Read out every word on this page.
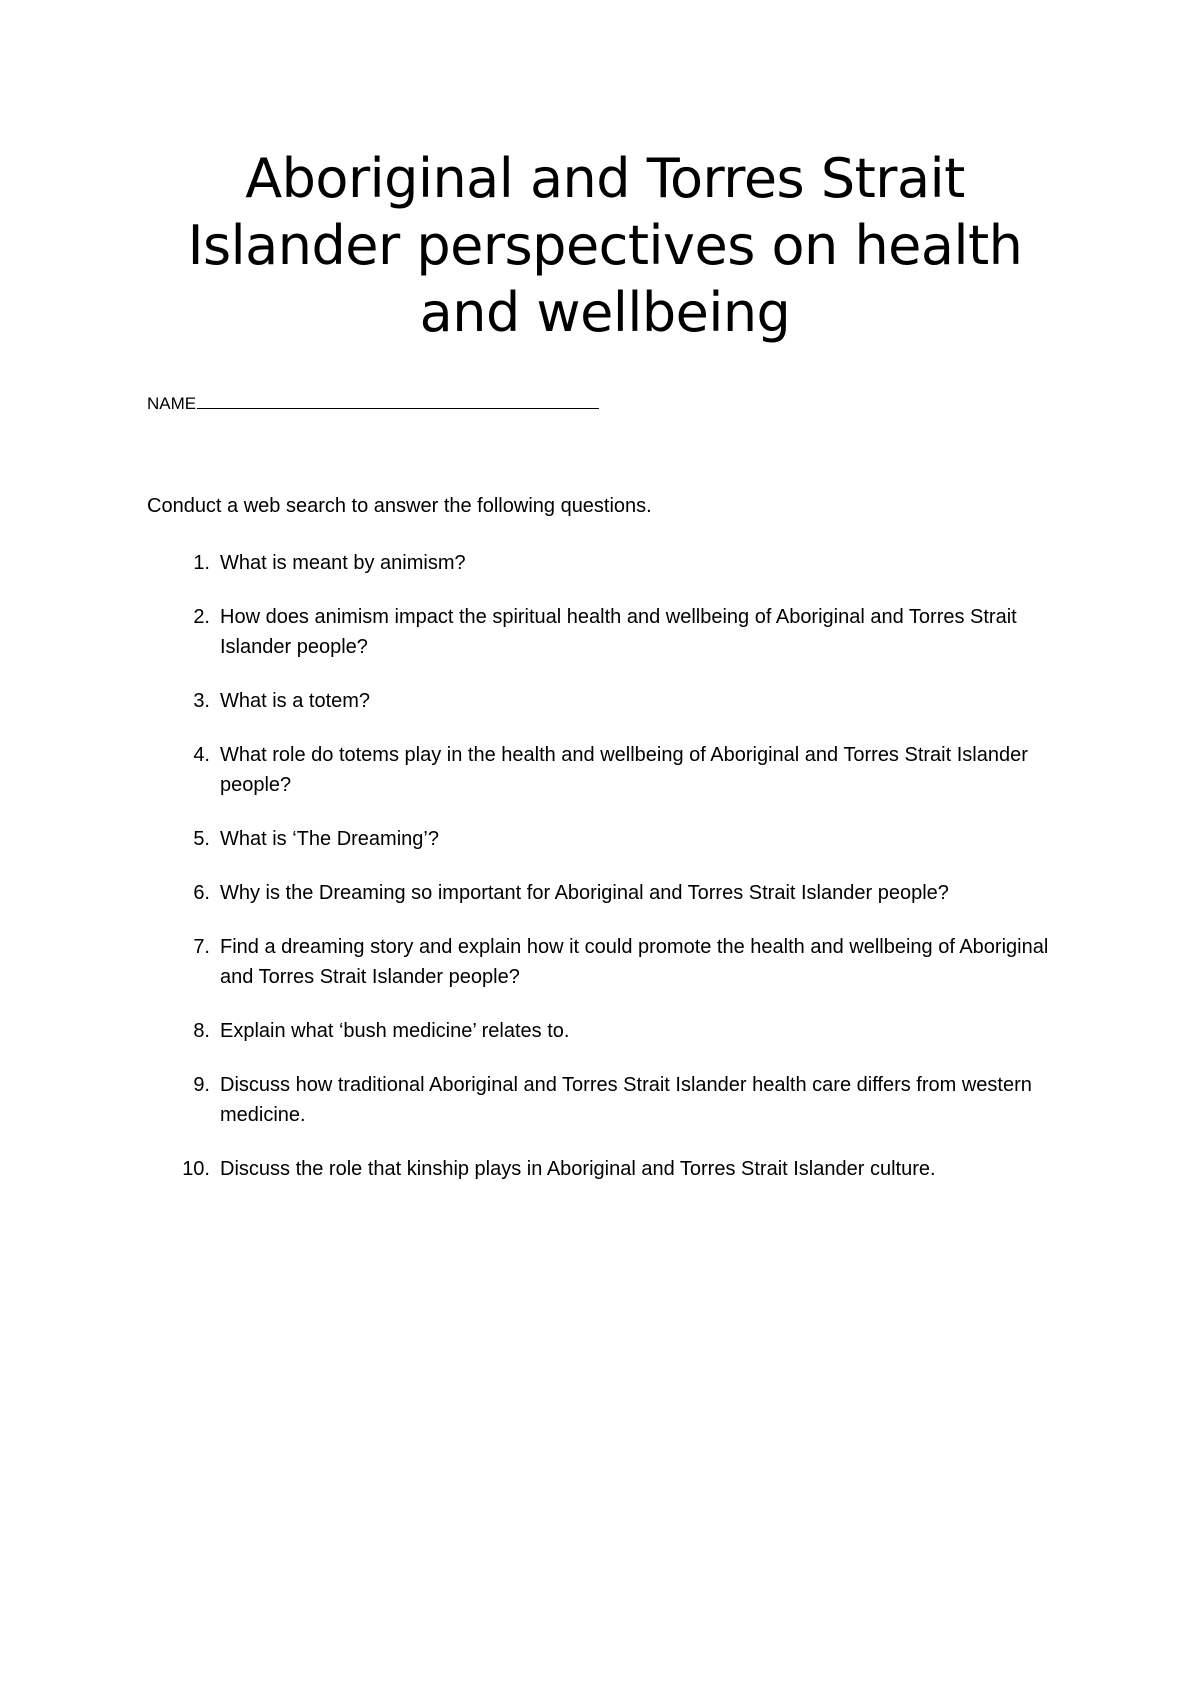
Aboriginal and Torres Strait
Islander perspectives on health
and wellbeing
NAME

Conduct a web search to answer the following questions.

1. What is meant by animism?
2. How does animism impact the spiritual health and wellbeing of Aboriginal and Torres Strait Islander people?
3. What is a totem?
4. What role do totems play in the health and wellbeing of Aboriginal and Torres Strait Islander people?
5. What is ‘The Dreaming’?
6. Why is the Dreaming so important for Aboriginal and Torres Strait Islander people?
7. Find a dreaming story and explain how it could promote the health and wellbeing of Aboriginal and Torres Strait Islander people?
8. Explain what ‘bush medicine’ relates to.
9. Discuss how traditional Aboriginal and Torres Strait Islander health care differs from western medicine.
10. Discuss the role that kinship plays in Aboriginal and Torres Strait Islander culture.
